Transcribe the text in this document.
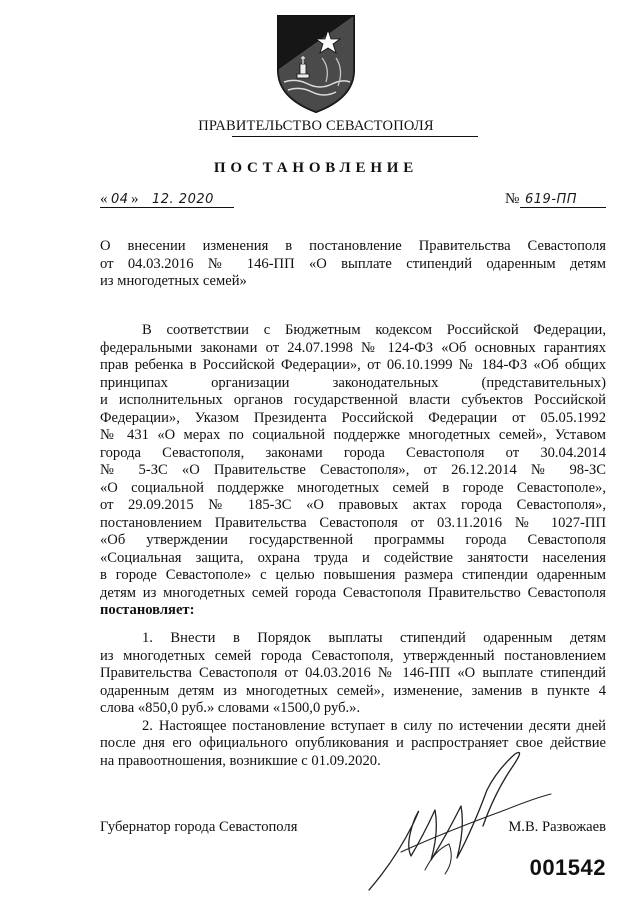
ПРАВИТЕЛЬСТВО СЕВАСТОПОЛЯ
ПОСТАНОВЛЕНИЕ
« 04 » 12. 2020	№ 619-ПП
О внесении изменения в постановление Правительства Севастополя
от 04.03.2016 № 146-ПП «О выплате стипендий одаренным детям
из многодетных семей»
В соответствии с Бюджетным кодексом Российской Федерации,
федеральными законами от 24.07.1998 № 124-ФЗ «Об основных гарантиях
прав ребенка в Российской Федерации», от 06.10.1999 № 184-ФЗ «Об общих
принципах организации законодательных (представительных)
и исполнительных органов государственной власти субъектов Российской
Федерации», Указом Президента Российской Федерации от 05.05.1992
№ 431 «О мерах по социальной поддержке многодетных семей», Уставом
города Севастополя, законами города Севастополя от 30.04.2014
№ 5-ЗС «О Правительстве Севастополя», от 26.12.2014 № 98-ЗС
«О социальной поддержке многодетных семей в городе Севастополе»,
от 29.09.2015 № 185-ЗС «О правовых актах города Севастополя»,
постановлением Правительства Севастополя от 03.11.2016 № 1027-ПП
«Об утверждении государственной программы города Севастополя
«Социальная защита, охрана труда и содействие занятости населения
в городе Севастополе» с целью повышения размера стипендии одаренным
детям из многодетных семей города Севастополя Правительство Севастополя
постановляет:
1. Внести в Порядок выплаты стипендий одаренным детям
из многодетных семей города Севастополя, утвержденный постановлением
Правительства Севастополя от 04.03.2016 № 146-ПП «О выплате стипендий
одаренным детям из многодетных семей», изменение, заменив в пункте 4
слова «850,0 руб.» словами «1500,0 руб.».
2. Настоящее постановление вступает в силу по истечении десяти дней
после дня его официального опубликования и распространяет свое действие
на правоотношения, возникшие с 01.09.2020.
Губернатор города Севастополя	М.В. Развожаев
001542
